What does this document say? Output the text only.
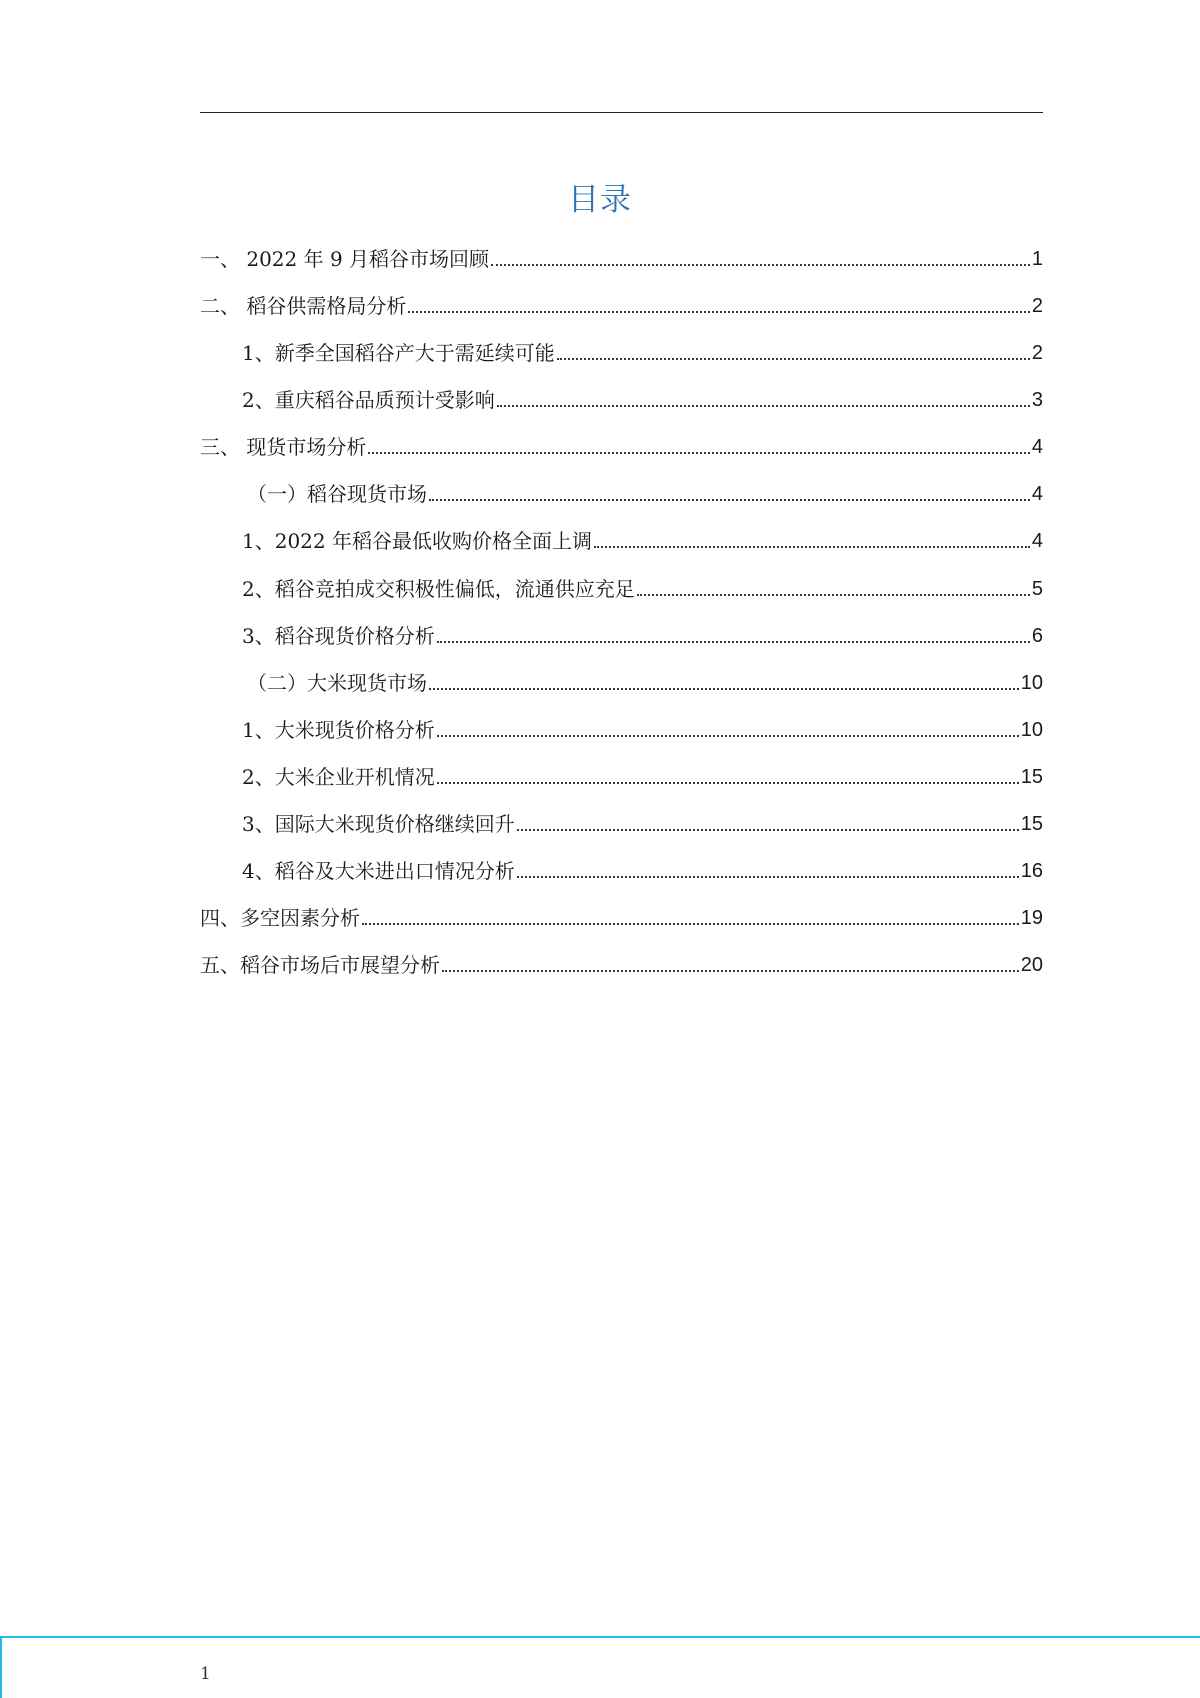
目录
一、 2022 年 9 月稻谷市场回顾	1
二、 稻谷供需格局分析	2
1、新季全国稻谷产大于需延续可能	2
2、重庆稻谷品质预计受影响	3
三、 现货市场分析	4
（一）稻谷现货市场	4
1、2022 年稻谷最低收购价格全面上调	4
2、稻谷竞拍成交积极性偏低，流通供应充足	5
3、稻谷现货价格分析	6
（二）大米现货市场	10
1、大米现货价格分析	10
2、大米企业开机情况	15
3、国际大米现货价格继续回升	15
4、稻谷及大米进出口情况分析	16
四、多空因素分析	19
五、稻谷市场后市展望分析	20
1
